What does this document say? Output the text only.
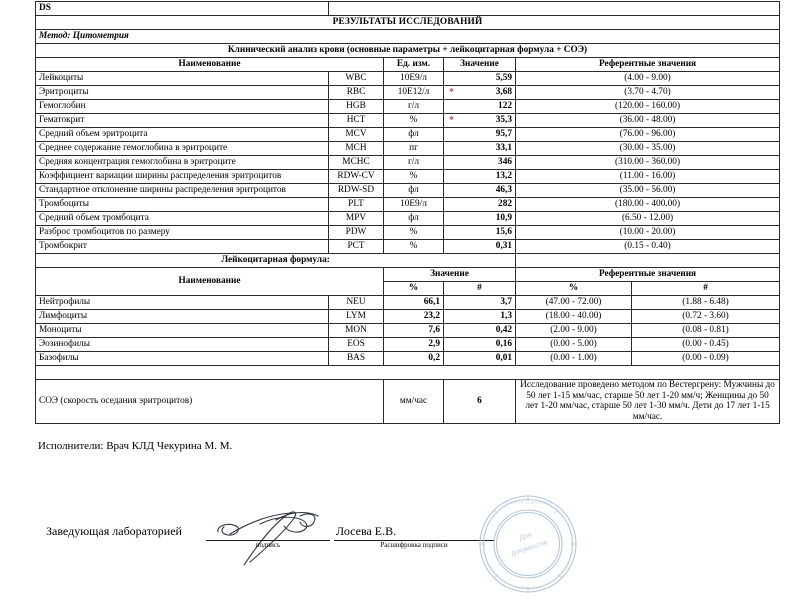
DS					
РЕЗУЛЬТАТЫ ИССЛЕДОВАНИЙ					
Метод: Цитометрия					
Клинический анализ крови (основные параметры + лейкоцитарная формула + СОЭ)					
Наименование		Ед. изм.	Значение	Референтные значения	
Лейкоциты	WBC	10E9/л	5,59	(4.00 - 9.00)	
Эритроциты	RBC	10E12/л	* 3,68	(3.70 - 4.70)	
Гемоглобин	HGB	г/л	122	(120.00 - 160.00)	
Гематокрит	HCT	%	* 35,3	(36.00 - 48.00)	
Средний объем эритроцита	MCV	фл	95,7	(76.00 - 96.00)	
Среднее содержание гемоглобина в эритроците	MCH	пг	33,1	(30.00 - 35.00)	
Средняя концентрация гемоглобина в эритроците	MCHC	г/л	346	(310.00 - 360.00)	
Коэффициент вариации ширины распределения эритроцитов	RDW-CV	%	13,2	(11.00 - 16.00)	
Стандартное отклонение ширины распределения эритроцитов	RDW-SD	фл	46,3	(35.00 - 56.00)	
Тромбоциты	PLT	10E9/л	282	(180.00 - 400.00)	
Средний объем тромбоцита	MPV	фл	10,9	(6.50 - 12.00)	
Разброс тромбоцитов по размеру	PDW	%	15,6	(10.00 - 20.00)	
Тромбокрит	PCT	%	0,31	(0.15 - 0.40)	
Лейкоцитарная формула:					
Наименование		Значение		Референтные значения	
		%	#	%	#
Нейтрофилы	NEU	66,1	3,7	(47.00 - 72.00)	(1.88 - 6.48)
Лимфоциты	LYM	23,2	1,3	(18.00 - 40.00)	(0.72 - 3.60)
Моноциты	MON	7,6	0,42	(2.00 - 9.00)	(0.08 - 0.81)
Эозинофилы	EOS	2,9	0,16	(0.00 - 5.00)	(0.00 - 0.45)
Базофилы	BAS	0,2	0,01	(0.00 - 1.00)	(0.00 - 0.09)

СОЭ (скорость оседания эритроцитов)		мм/час	6	Исследование проведено методом по Вестергрену: Мужчины до 50 лет 1-15 мм/час, старше 50 лет 1-20 мм/ч; Женщины до 50 лет 1-20 мм/час, старше 50 лет 1-30 мм/ч. Дети до 17 лет 1-15 мм/час.	
Исполнители: Врач КЛД Чекурина М. М.
Заведующая лабораторией
подпись
Лосева Е.В.
Расшифровка подписи
Для
документов
ФИЛИАЛ ХАБАРОВСК
ИНН 27
